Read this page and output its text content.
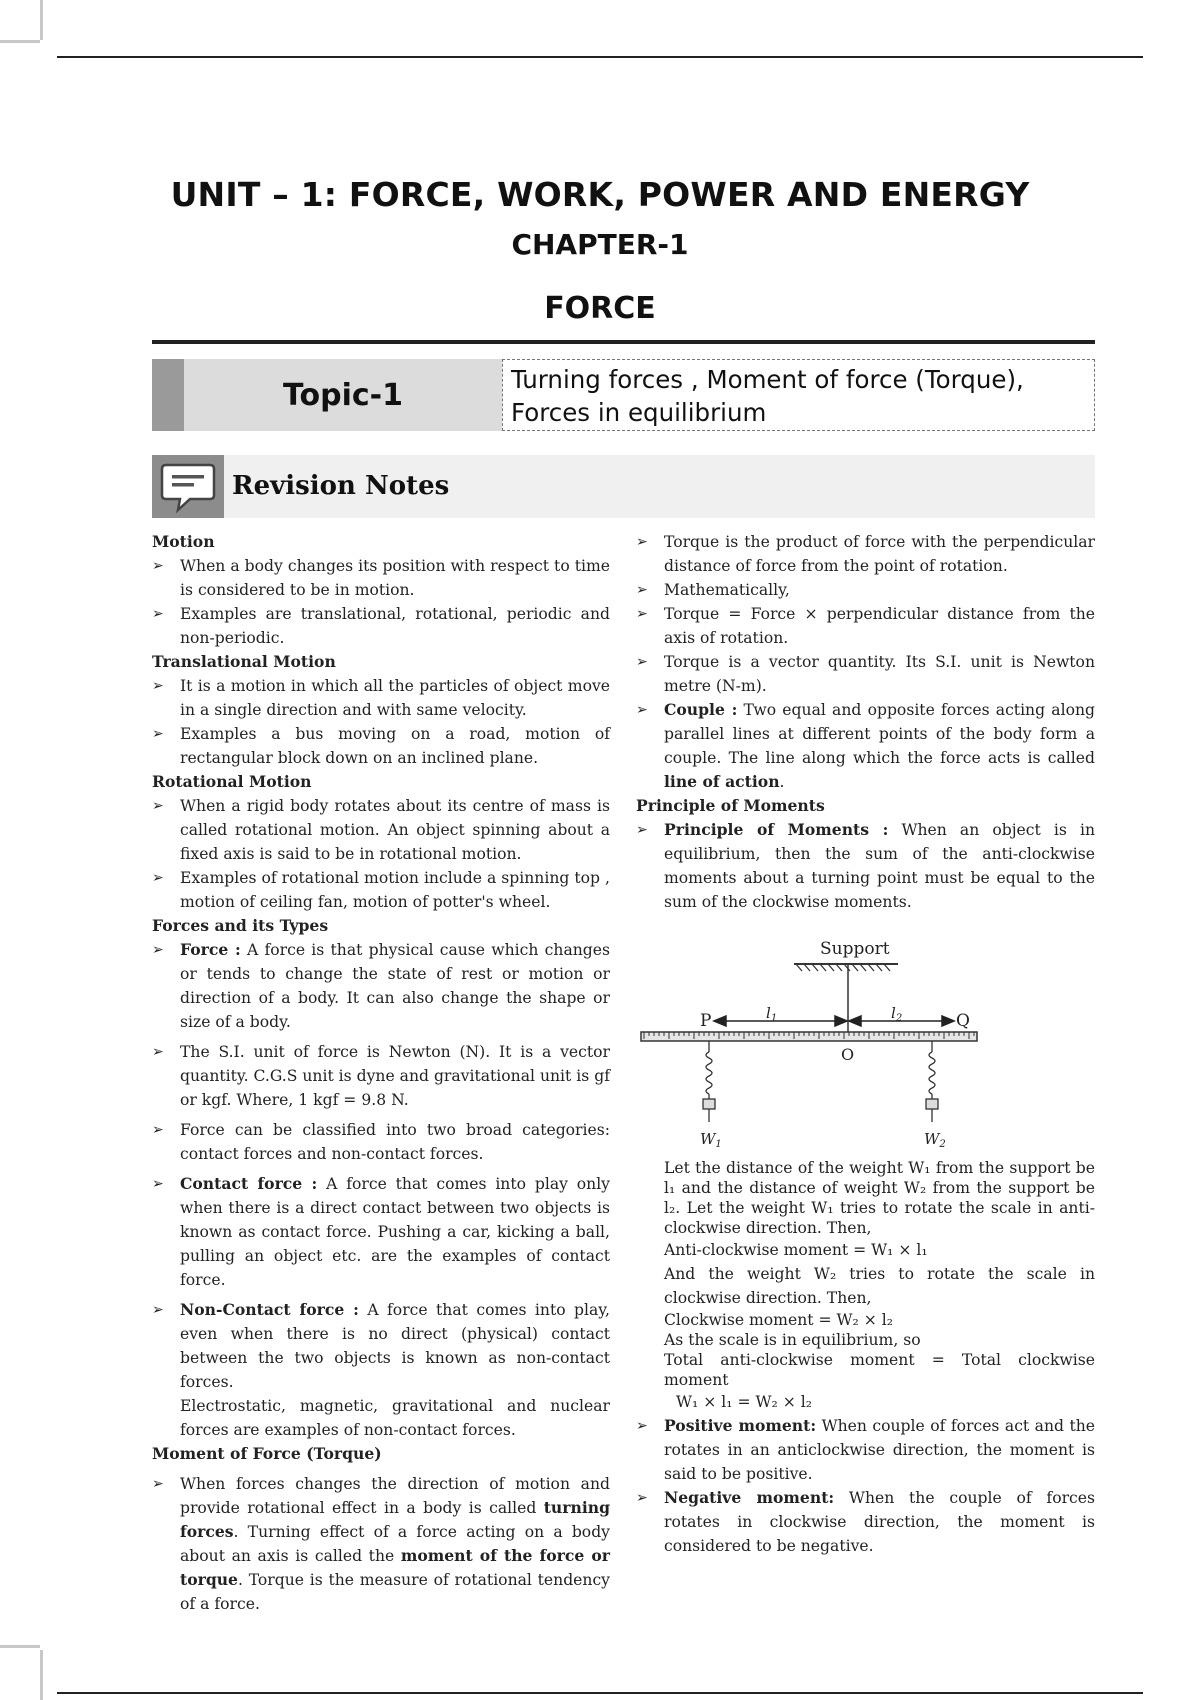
UNIT – 1: FORCE, WORK, POWER AND ENERGY
CHAPTER-1
FORCE
Topic-1	Turning forces , Moment of force (Torque), Forces in equilibrium
Revision Notes
Motion
➢ When a body changes its position with respect to time is considered to be in motion.
➢ Examples are translational, rotational, periodic and non-periodic.
Translational Motion
➢ It is a motion in which all the particles of object move in a single direction and with same velocity.
➢ Examples a bus moving on a road, motion of rectangular block down on an inclined plane.
Rotational Motion
➢ When a rigid body rotates about its centre of mass is called rotational motion. An object spinning about a fixed axis is said to be in rotational motion.
➢ Examples of rotational motion include a spinning top , motion of ceiling fan, motion of potter's wheel.
Forces and its Types
➢ Force : A force is that physical cause which changes or tends to change the state of rest or motion or direction of a body. It can also change the shape or size of a body.
➢ The S.I. unit of force is Newton (N). It is a vector quantity. C.G.S unit is dyne and gravitational unit is gf or kgf. Where, 1 kgf = 9.8 N.
➢ Force can be classified into two broad categories: contact forces and non-contact forces.
➢ Contact force : A force that comes into play only when there is a direct contact between two objects is known as contact force. Pushing a car, kicking a ball, pulling an object etc. are the examples of contact force.
➢ Non-Contact force : A force that comes into play, even when there is no direct (physical) contact between the two objects is known as non-contact forces.

Electrostatic, magnetic, gravitational and nuclear forces are examples of non-contact forces.

Moment of Force (Torque)
➢ When forces changes the direction of motion and provide rotational effect in a body is called turning forces. Turning effect of a force acting on a body about an axis is called the moment of the force or torque. Torque is the measure of rotational tendency of a force.
➢ Torque is the product of force with the perpendicular distance of force from the point of rotation.
➢ Mathematically,
➢ Torque = Force × perpendicular distance from the axis of rotation.
➢ Torque is a vector quantity. Its S.I. unit is Newton metre (N-m).
➢ Couple : Two equal and opposite forces acting along parallel lines at different points of the body form a couple. The line along which the force acts is called line of action.
Principle of Moments
➢ Principle of Moments : When an object is in equilibrium, then the sum of the anti-clockwise moments about a turning point must be equal to the sum of the clockwise moments.
Support
P	Q
O
$l_1$	$l_2$
$W_1$	$W_2$

Let the distance of the weight W₁ from the support be l₁ and the distance of weight W₂ from the support be l₂. Let the weight W₁ tries to rotate the scale in anti-clockwise direction. Then,

Anti-clockwise moment = W₁ × l₁

And the weight W₂ tries to rotate the scale in clockwise direction. Then,

Clockwise moment = W₂ × l₂

As the scale is in equilibrium, so

Total anti-clockwise moment = Total clockwise moment

W₁ × l₁ = W₂ × l₂

➢ Positive moment: When couple of forces act and the rotates in an anticlockwise direction, the moment is said to be positive.
➢ Negative moment: When the couple of forces rotates in clockwise direction, the moment is considered to be negative.
